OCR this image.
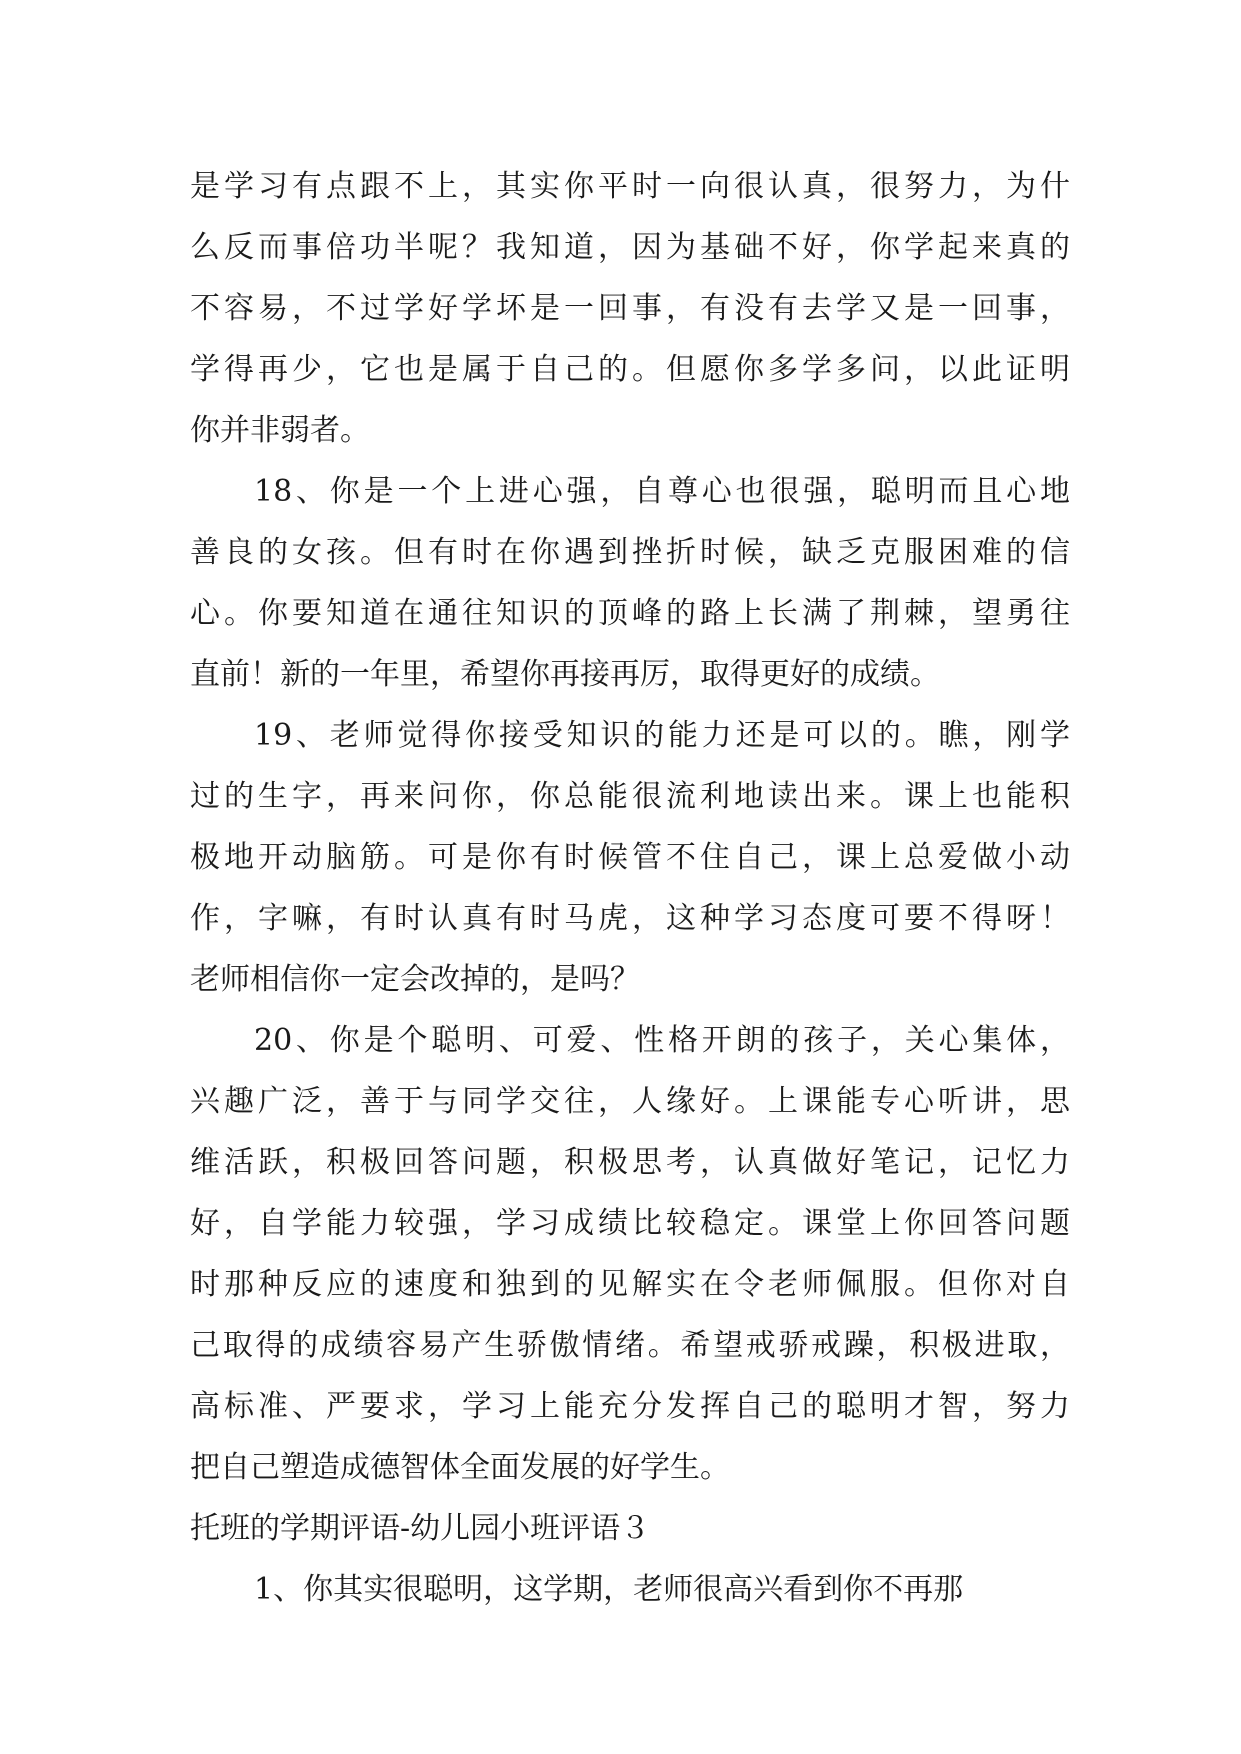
是学习有点跟不上，其实你平时一向很认真，很努力，为什
么反而事倍功半呢？我知道，因为基础不好，你学起来真的
不容易，不过学好学坏是一回事，有没有去学又是一回事，
学得再少，它也是属于自己的。但愿你多学多问，以此证明
你并非弱者。
18、你是一个上进心强，自尊心也很强，聪明而且心地
善良的女孩。但有时在你遇到挫折时候，缺乏克服困难的信
心。你要知道在通往知识的顶峰的路上长满了荆棘，望勇往
直前！新的一年里，希望你再接再厉，取得更好的成绩。
19、老师觉得你接受知识的能力还是可以的。瞧，刚学
过的生字，再来问你，你总能很流利地读出来。课上也能积
极地开动脑筋。可是你有时候管不住自己，课上总爱做小动
作，字嘛，有时认真有时马虎，这种学习态度可要不得呀！
老师相信你一定会改掉的，是吗？
20、你是个聪明、可爱、性格开朗的孩子，关心集体，
兴趣广泛，善于与同学交往，人缘好。上课能专心听讲，思
维活跃，积极回答问题，积极思考，认真做好笔记，记忆力
好，自学能力较强，学习成绩比较稳定。课堂上你回答问题
时那种反应的速度和独到的见解实在令老师佩服。但你对自
己取得的成绩容易产生骄傲情绪。希望戒骄戒躁，积极进取，
高标准、严要求，学习上能充分发挥自己的聪明才智，努力
把自己塑造成德智体全面发展的好学生。
托班的学期评语-幼儿园小班评语３
1、你其实很聪明，这学期，老师很高兴看到你不再那
